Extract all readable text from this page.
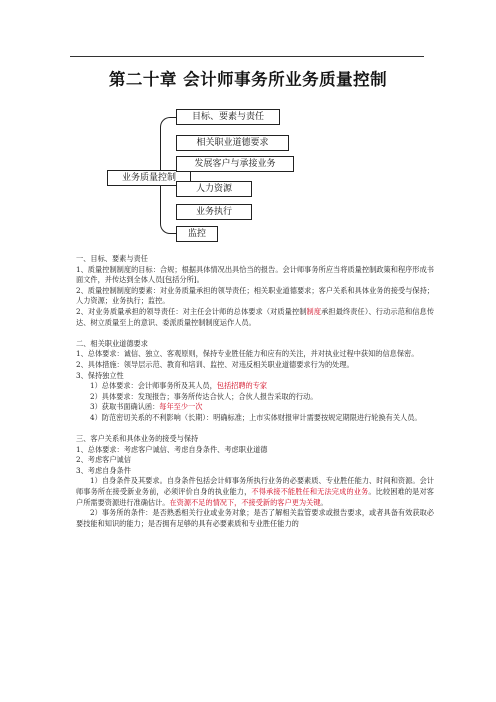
第二十章 会计师事务所业务质量控制
业务质量控制
目标、要素与责任
相关职业道德要求
发展客户与承接业务
人力资源
业务执行
监控

一、目标、要素与责任

1、质量控制制度的目标：合规；根据具体情况出具恰当的报告。会计师事务所应当将质量控制政策和程序形成书面文件，并传达到全体人员[包括分所]。

2、质量控制制度的要素：对业务质量承担的领导责任；相关职业道德要求；客户关系和具体业务的接受与保持；人力资源；业务执行；监控。

2、对业务质量承担的领导责任：对主任会计师的总体要求（对质量控制制度承担最终责任）、行动示范和信息传达、树立质量至上的意识、委派质量控制制度运作人员。

二、相关职业道德要求

1、总体要求：诚信、独立、客观原则，保持专业胜任能力和应有的关注，并对执业过程中获知的信息保密。

2、具体措施：领导层示范、教育和培训、监控、对违反相关职业道德要求行为的处理。

3、保持独立性

1）总体要求：会计师事务所及其人员，包括招聘的专家

2）具体要求：发现报告；事务所传达合伙人；合伙人报告采取的行动。

3）获取书面确认函：每年至少一次

4）防范密切关系的不利影响（长期）：明确标准；上市实体财报审计需要按规定期限进行轮换有关人员。

三、客户关系和具体业务的接受与保持

1、总体要求：考虑客户诚信、考虑自身条件、考虑职业道德

2、考虑客户诚信

3、考虑自身条件

1）自身条件及其要求。自身条件包括会计师事务所执行业务的必要素质、专业胜任能力、时间和资源。会计师事务所在接受新业务前，必须评价自身的执业能力，不得承接不能胜任和无法完成的业务。比较困难的是对客户所需要资源进行准确估计。在资源不足的情况下，不接受新的客户更为关键。

2）事务所的条件：是否熟悉相关行业或业务对象；是否了解相关监管要求或报告要求，或者具备有效获取必要技能和知识的能力；是否拥有足够的具有必要素质和专业胜任能力的
